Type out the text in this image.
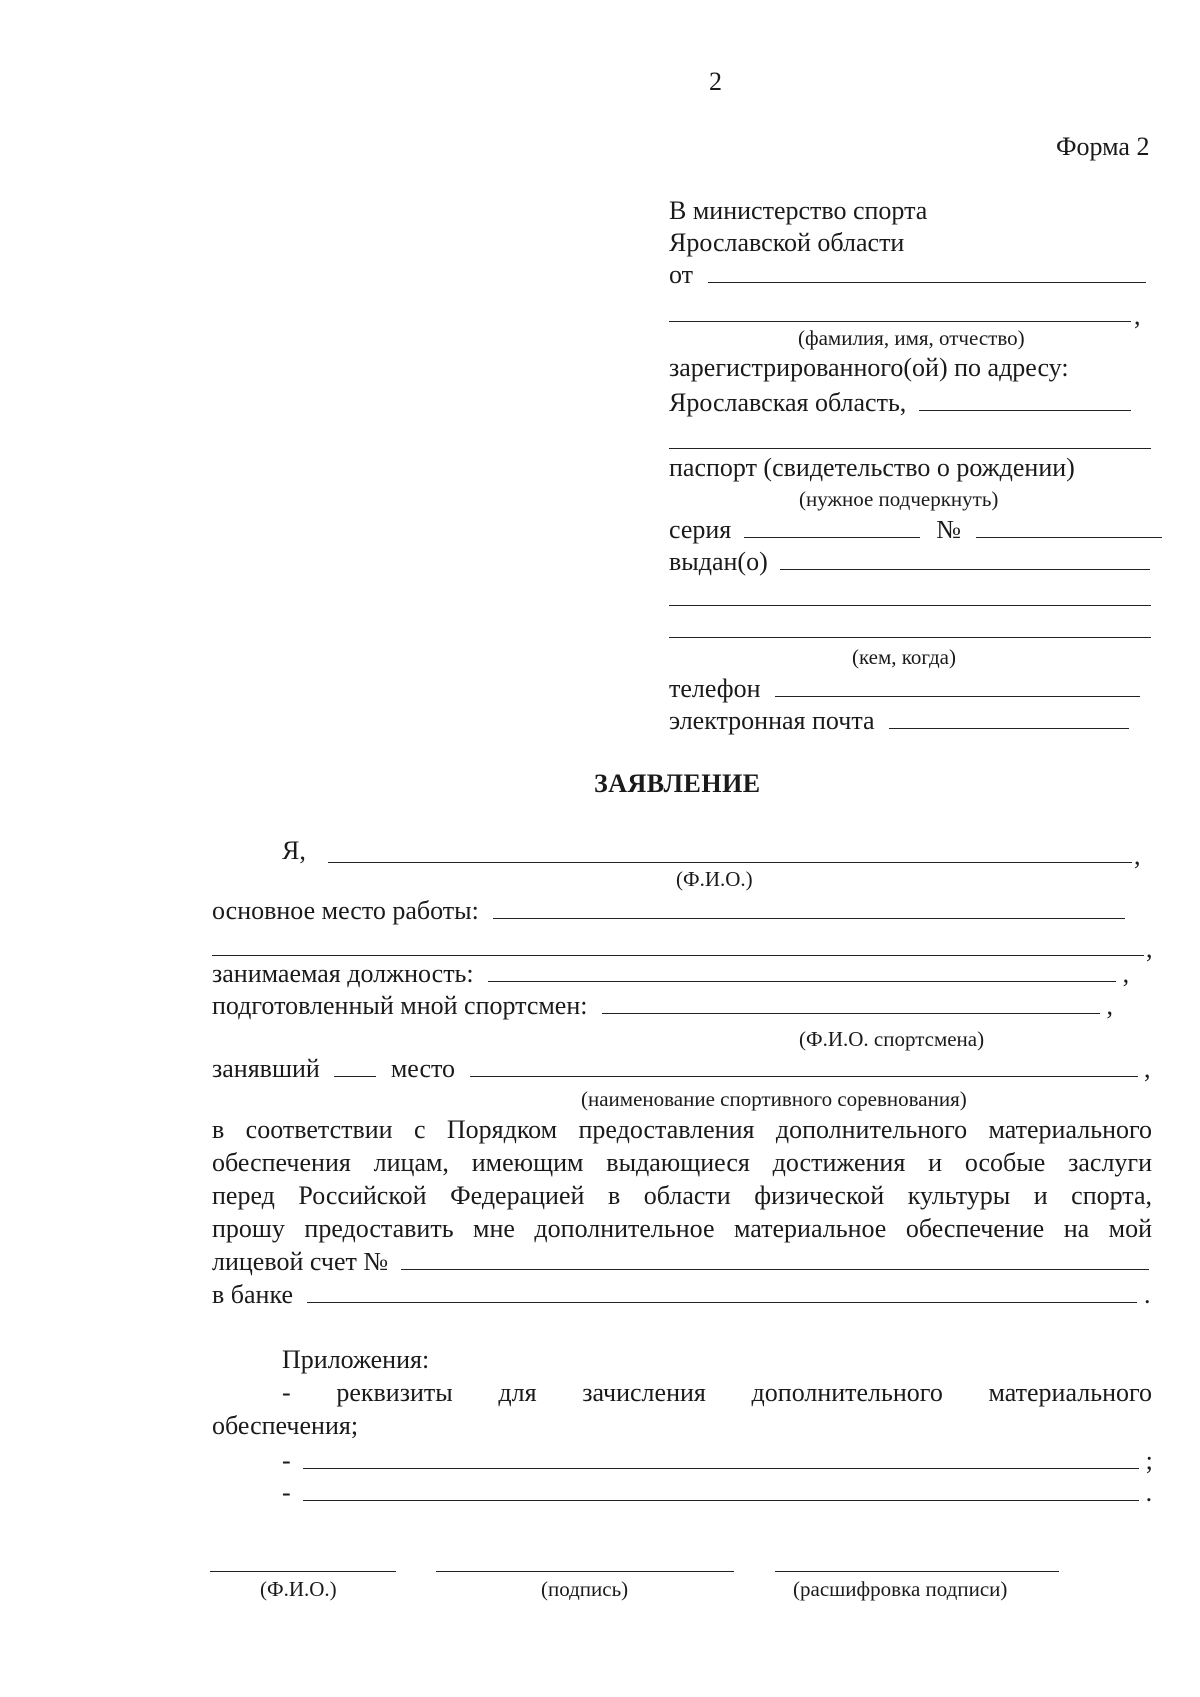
2
Форма 2
В министерство спорта
Ярославской области
от
,
(фамилия, имя, отчество)
зарегистрированного(ой) по адресу:
Ярославская область,
паспорт (свидетельство о рождении)
(нужное подчеркнуть)
серия	№
выдан(о)
(кем, когда)
телефон
электронная почта
ЗАЯВЛЕНИЕ
Я,	,
(Ф.И.О.)
основное место работы:
,
занимаемая должность:	,
подготовленный мной спортсмен:	,
(Ф.И.О. спортсмена)
занявший	место	,
(наименование спортивного соревнования)
в соответствии с Порядком предоставления дополнительного материального
обеспечения лицам, имеющим выдающиеся достижения и особые заслуги
перед Российской Федерацией в области физической культуры и спорта,
прошу предоставить мне дополнительное материальное обеспечение на мой
лицевой счет №
в банке	.
Приложения:
- реквизиты для зачисления дополнительного материального
обеспечения;
-	;
-	.
(Ф.И.О.)	(подпись)	(расшифровка подписи)
